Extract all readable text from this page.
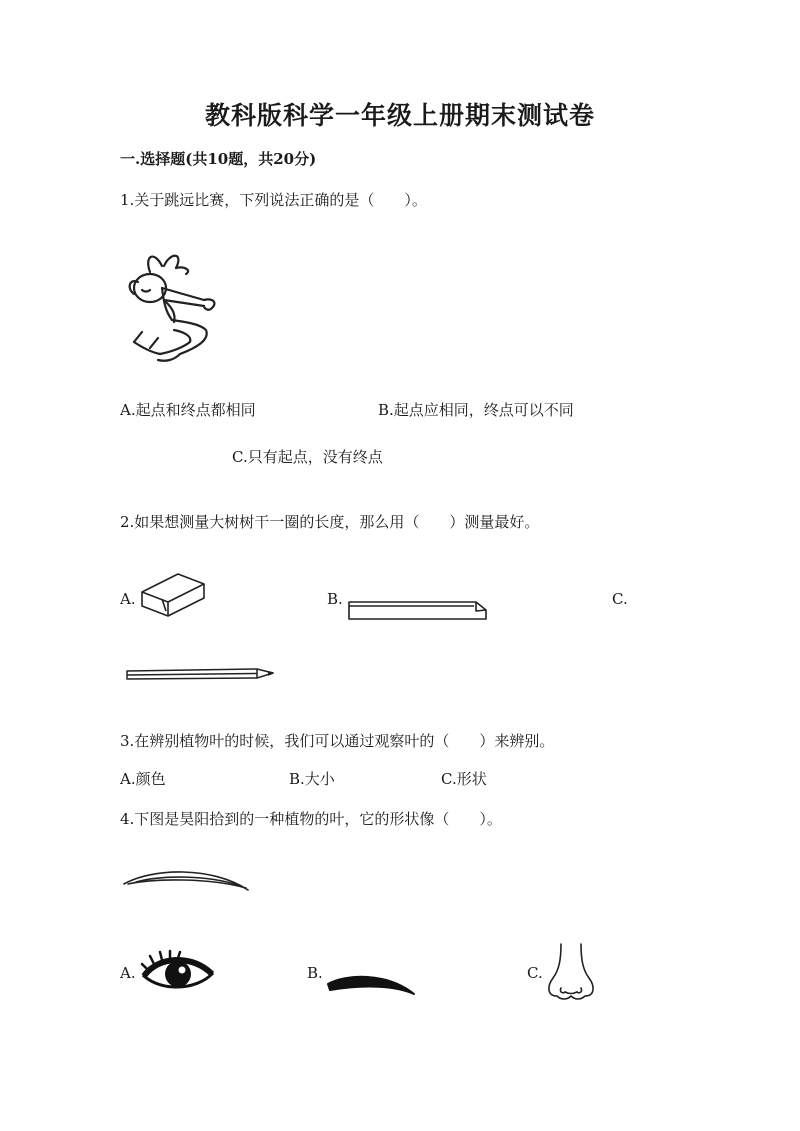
教科版科学一年级上册期末测试卷
一.选择题(共10题，共20分)
1.关于跳远比赛，下列说法正确的是（　　）。
A.起点和终点都相同	B.起点应相同，终点可以不同
C.只有起点，没有终点
2.如果想测量大树树干一圈的长度，那么用（　　）测量最好。
A.	B.	C.
3.在辨别植物叶的时候，我们可以通过观察叶的（　　）来辨别。
A.颜色	B.大小	C.形状
4.下图是昊阳拾到的一种植物的叶，它的形状像（　　）。
A.	B.	C.
